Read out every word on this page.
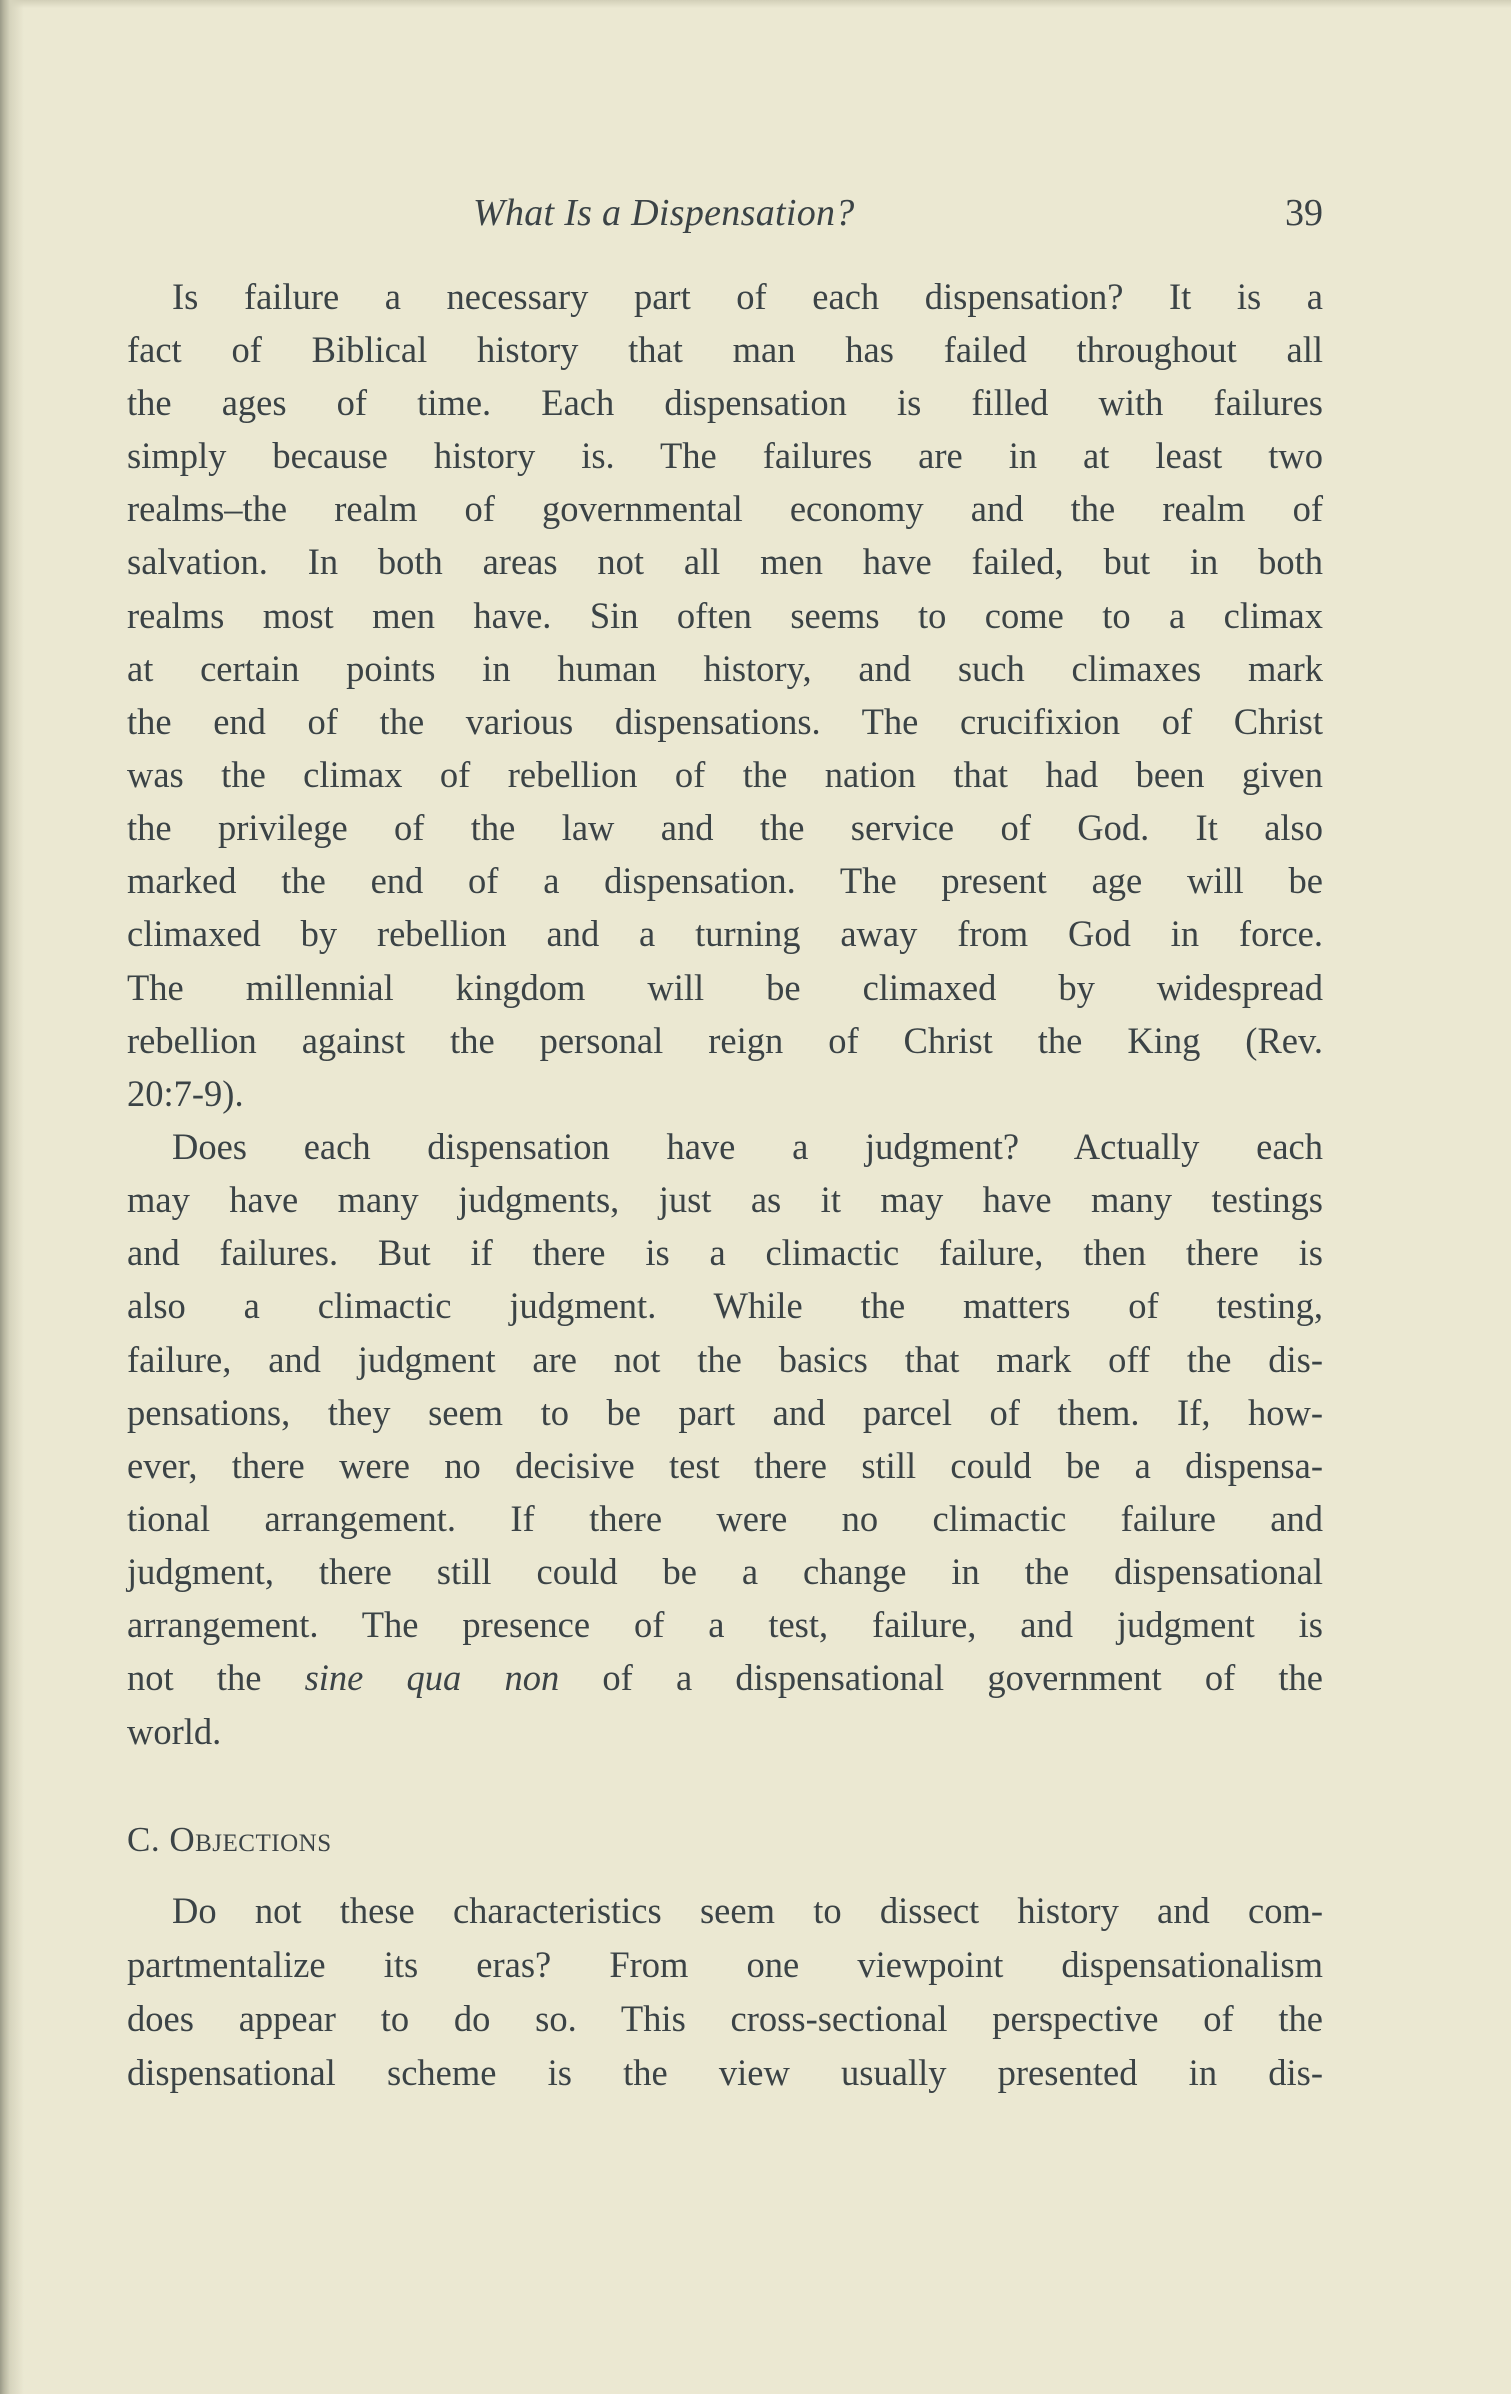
What Is a Dispensation?	39
Is failure a necessary part of each dispensation? It is a
fact of Biblical history that man has failed throughout all
the ages of time. Each dispensation is filled with failures
simply because history is. The failures are in at least two
realms–the realm of governmental economy and the realm of
salvation. In both areas not all men have failed, but in both
realms most men have. Sin often seems to come to a climax
at certain points in human history, and such climaxes mark
the end of the various dispensations. The crucifixion of Christ
was the climax of rebellion of the nation that had been given
the privilege of the law and the service of God. It also
marked the end of a dispensation. The present age will be
climaxed by rebellion and a turning away from God in force.
The millennial kingdom will be climaxed by widespread
rebellion against the personal reign of Christ the King (Rev.
20:7-9).
Does each dispensation have a judgment? Actually each
may have many judgments, just as it may have many testings
and failures. But if there is a climactic failure, then there is
also a climactic judgment. While the matters of testing,
failure, and judgment are not the basics that mark off the dis-
pensations, they seem to be part and parcel of them. If, how-
ever, there were no decisive test there still could be a dispensa-
tional arrangement. If there were no climactic failure and
judgment, there still could be a change in the dispensational
arrangement. The presence of a test, failure, and judgment is
not the sine qua non of a dispensational government of the
world.
C. Objections
Do not these characteristics seem to dissect history and com-
partmentalize its eras? From one viewpoint dispensationalism
does appear to do so. This cross-sectional perspective of the
dispensational scheme is the view usually presented in dis-
